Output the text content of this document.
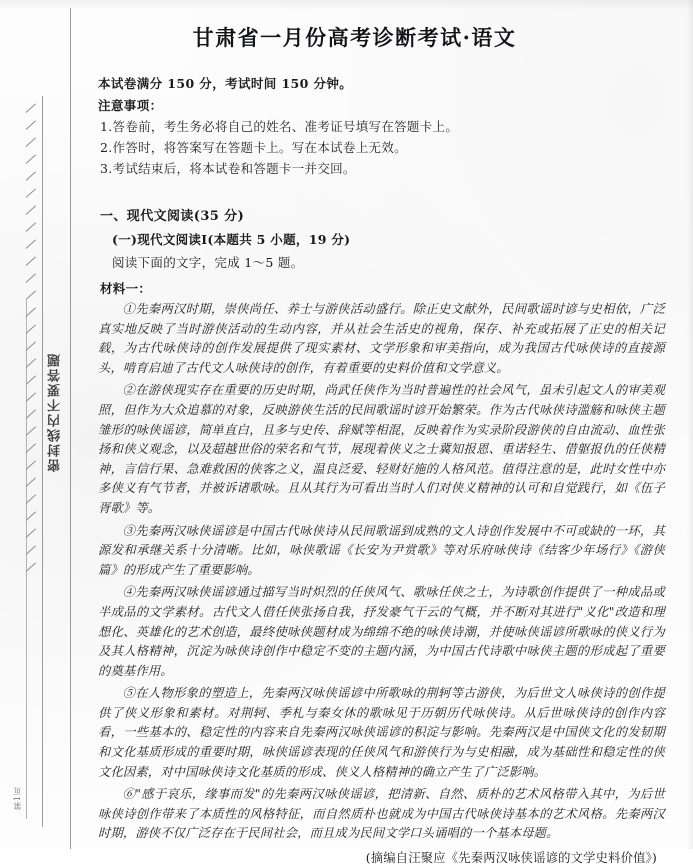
密封线内不要答题
第1页
甘肃省一月份高考诊断考试·语文
本试卷满分 150 分，考试时间 150 分钟。
注意事项：
1.答卷前，考生务必将自己的姓名、准考证号填写在答题卡上。
2.作答时，将答案写在答题卡上。写在本试卷上无效。
3.考试结束后，将本试卷和答题卡一并交回。
一、现代文阅读(35 分)
(一)现代文阅读Ⅰ(本题共 5 小题，19 分)
阅读下面的文字，完成 1～5 题。
材料一：

①先秦两汉时期，崇侠尚任、养士与游侠活动盛行。除正史文献外，民间歌谣时谚与史相依，广泛真实地反映了当时游侠活动的生动内容，并从社会生活史的视角，保存、补充或拓展了正史的相关记载，为古代咏侠诗的创作发展提供了现实素材、文学形象和审美指向，成为我国古代咏侠诗的直接源头，啃育启迪了古代文人咏侠诗的创作，有着重要的史料价值和文学意义。

②在游侠现实存在重要的历史时期，尚武任侠作为当时普遍性的社会风气，虽未引起文人的审美观照，但作为大众追慕的对象，反映游侠生活的民间歌谣时谚开始繁荣。作为古代咏侠诗滥觞和咏侠主题雏形的咏侠谣谚，简单直白，且多与史传、辞赋等相混，反映着作为实录阶段游侠的自由流动、血性张扬和侠义观念，以及超越世俗的荣名和气节，展现着侠义之士冀知报恩、重诺轻生、借躯报仇的任侠精神，言信行果、急难救困的侠客之义，温良泛爱、轻财好施的人格风范。值得注意的是，此时女性中亦多侠义有气节者，并被诉诸歌咏。且从其行为可看出当时人们对侠义精神的认可和自觉践行，如《伍子胥歌》等。

③先秦两汉咏侠谣谚是中国古代咏侠诗从民间歌谣到成熟的文人诗创作发展中不可或缺的一环，其源发和承继关系十分清晰。比如，咏侠歌谣《长安为尹赏歌》等对乐府咏侠诗《结客少年场行》《游侠篇》的形成产生了重要影响。

④先秦两汉咏侠谣谚通过描写当时炽烈的任侠风气、歌咏任侠之士，为诗歌创作提供了一种成品或半成品的文学素材。古代文人借任侠张扬自我，抒发豪气干云的气概，并不断对其进行"义化"改造和理想化、英雄化的艺术创造，最终使咏侠题材成为绵绵不绝的咏侠诗潮，并使咏侠谣谚所歌咏的侠义行为及其人格精神，沉淀为咏侠诗创作中稳定不变的主题内涵，为中国古代诗歌中咏侠主题的形成起了重要的奠基作用。

⑤在人物形象的塑造上，先秦两汉咏侠谣谚中所歌咏的荆轲等古游侠，为后世文人咏侠诗的创作提供了侠义形象和素材。对荆轲、季札与秦女休的歌咏见于历朝历代咏侠诗。从后世咏侠诗的创作内容看，一些基本的、稳定性的内容来自先秦两汉咏侠谣谚的积淀与影响。先秦两汉是中国侠文化的发韧期和文化基质形成的重要时期，咏侠谣谚表现的任侠风气和游侠行为与史相融，成为基础性和稳定性的侠文化因素，对中国咏侠诗文化基质的形成、侠义人格精神的确立产生了广泛影响。

⑥"感于哀乐，缘事而发"的先秦两汉咏侠谣谚，把清新、自然、质朴的艺术风格带入其中，为后世咏侠诗创作带来了本质性的风格特征，而自然质朴也就成为中国古代咏侠诗基本的艺术风格。先秦两汉时期，游侠不仅广泛存在于民间社会，而且成为民间文学口头诵唱的一个基本母题。

(摘编自汪聚应《先秦两汉咏侠谣谚的文学史料价值》)
